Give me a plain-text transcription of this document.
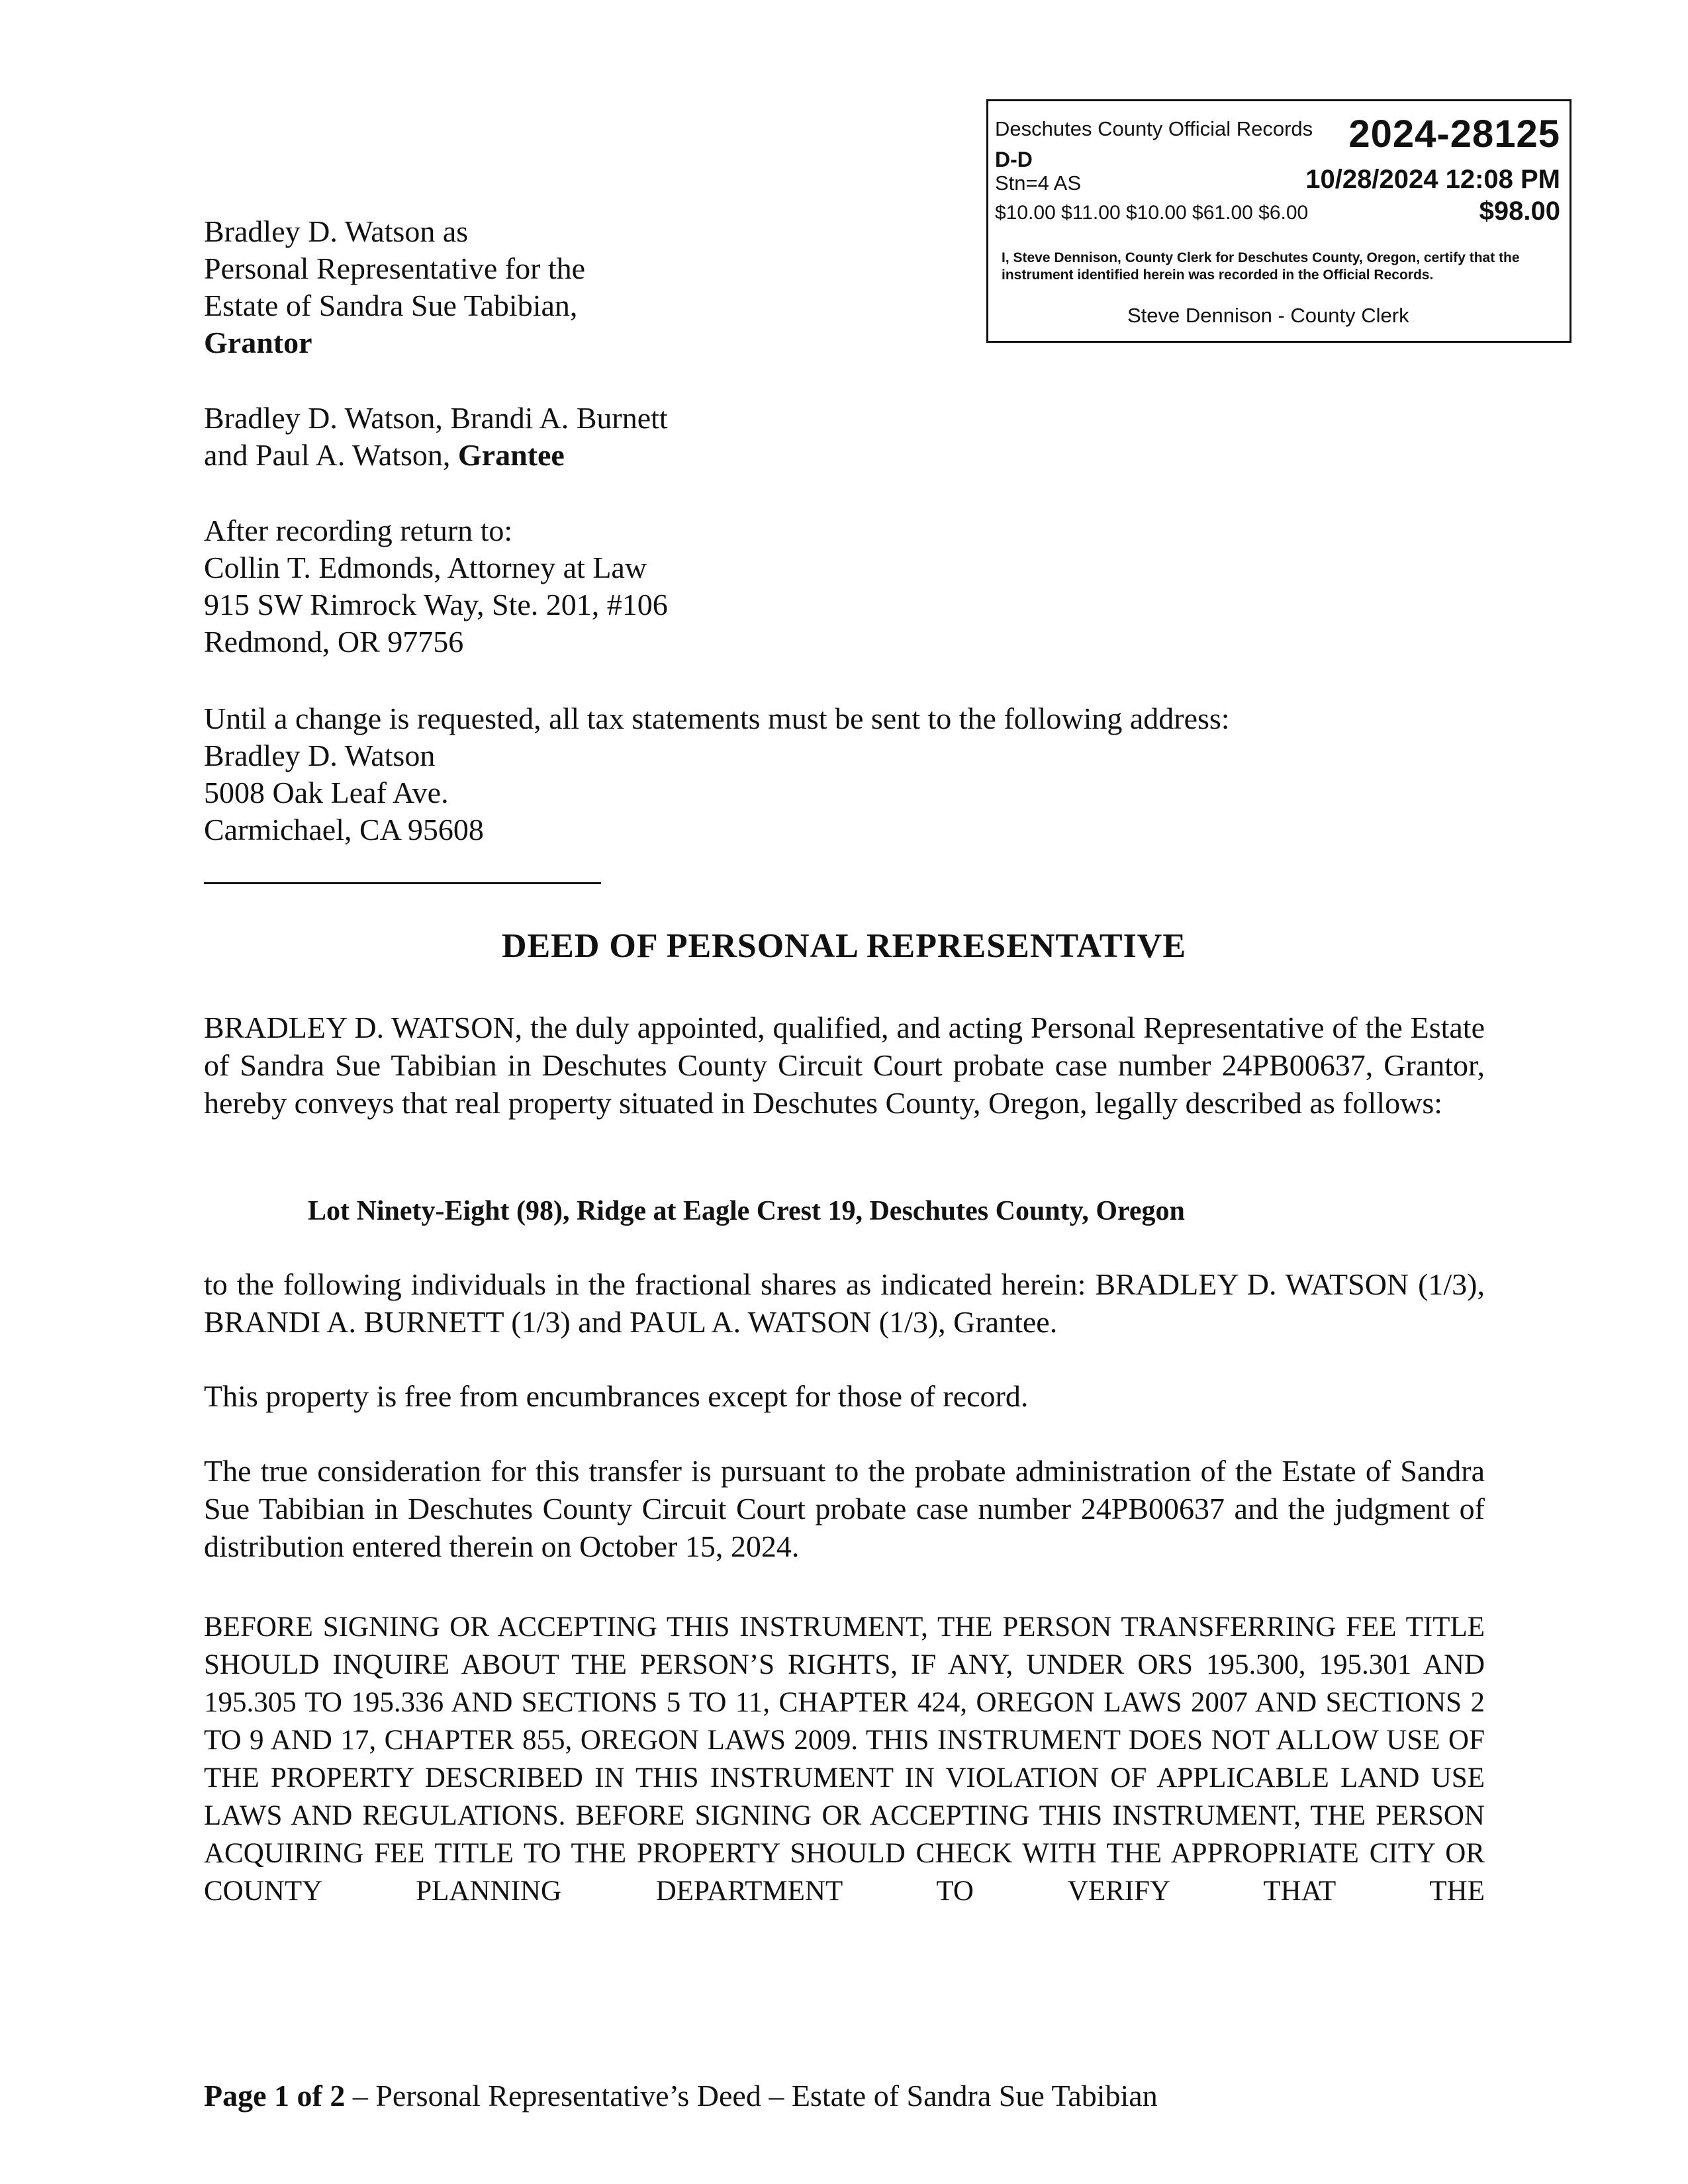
Deschutes County Official Records 2024-28125
D-D
Stn=4 AS	10/28/2024 12:08 PM
$10.00 $11.00 $10.00 $61.00 $6.00	$98.00
I, Steve Dennison, County Clerk for Deschutes County, Oregon, certify that the instrument identified herein was recorded in the Official Records.
Steve Dennison - County Clerk
Bradley D. Watson as
Personal Representative for the
Estate of Sandra Sue Tabibian,
Grantor
Bradley D. Watson, Brandi A. Burnett
and Paul A. Watson, Grantee
After recording return to:
Collin T. Edmonds, Attorney at Law
915 SW Rimrock Way, Ste. 201, #106
Redmond, OR 97756
Until a change is requested, all tax statements must be sent to the following address:
Bradley D. Watson
5008 Oak Leaf Ave.
Carmichael, CA 95608
DEED OF PERSONAL REPRESENTATIVE
BRADLEY D. WATSON, the duly appointed, qualified, and acting Personal Representative of the Estate of Sandra Sue Tabibian in Deschutes County Circuit Court probate case number 24PB00637, Grantor, hereby conveys that real property situated in Deschutes County, Oregon, legally described as follows:
Lot Ninety-Eight (98), Ridge at Eagle Crest 19, Deschutes County, Oregon
to the following individuals in the fractional shares as indicated herein: BRADLEY D. WATSON (1/3), BRANDI A. BURNETT (1/3) and PAUL A. WATSON (1/3), Grantee.
This property is free from encumbrances except for those of record.
The true consideration for this transfer is pursuant to the probate administration of the Estate of Sandra Sue Tabibian in Deschutes County Circuit Court probate case number 24PB00637 and the judgment of distribution entered therein on October 15, 2024.
BEFORE SIGNING OR ACCEPTING THIS INSTRUMENT, THE PERSON TRANSFERRING FEE TITLE SHOULD INQUIRE ABOUT THE PERSON’S RIGHTS, IF ANY, UNDER ORS 195.300, 195.301 AND 195.305 TO 195.336 AND SECTIONS 5 TO 11, CHAPTER 424, OREGON LAWS 2007 AND SECTIONS 2 TO 9 AND 17, CHAPTER 855, OREGON LAWS 2009. THIS INSTRUMENT DOES NOT ALLOW USE OF THE PROPERTY DESCRIBED IN THIS INSTRUMENT IN VIOLATION OF APPLICABLE LAND USE LAWS AND REGULATIONS. BEFORE SIGNING OR ACCEPTING THIS INSTRUMENT, THE PERSON ACQUIRING FEE TITLE TO THE PROPERTY SHOULD CHECK WITH THE APPROPRIATE CITY OR COUNTY PLANNING DEPARTMENT TO VERIFY THAT THE
Page 1 of 2 – Personal Representative’s Deed – Estate of Sandra Sue Tabibian
